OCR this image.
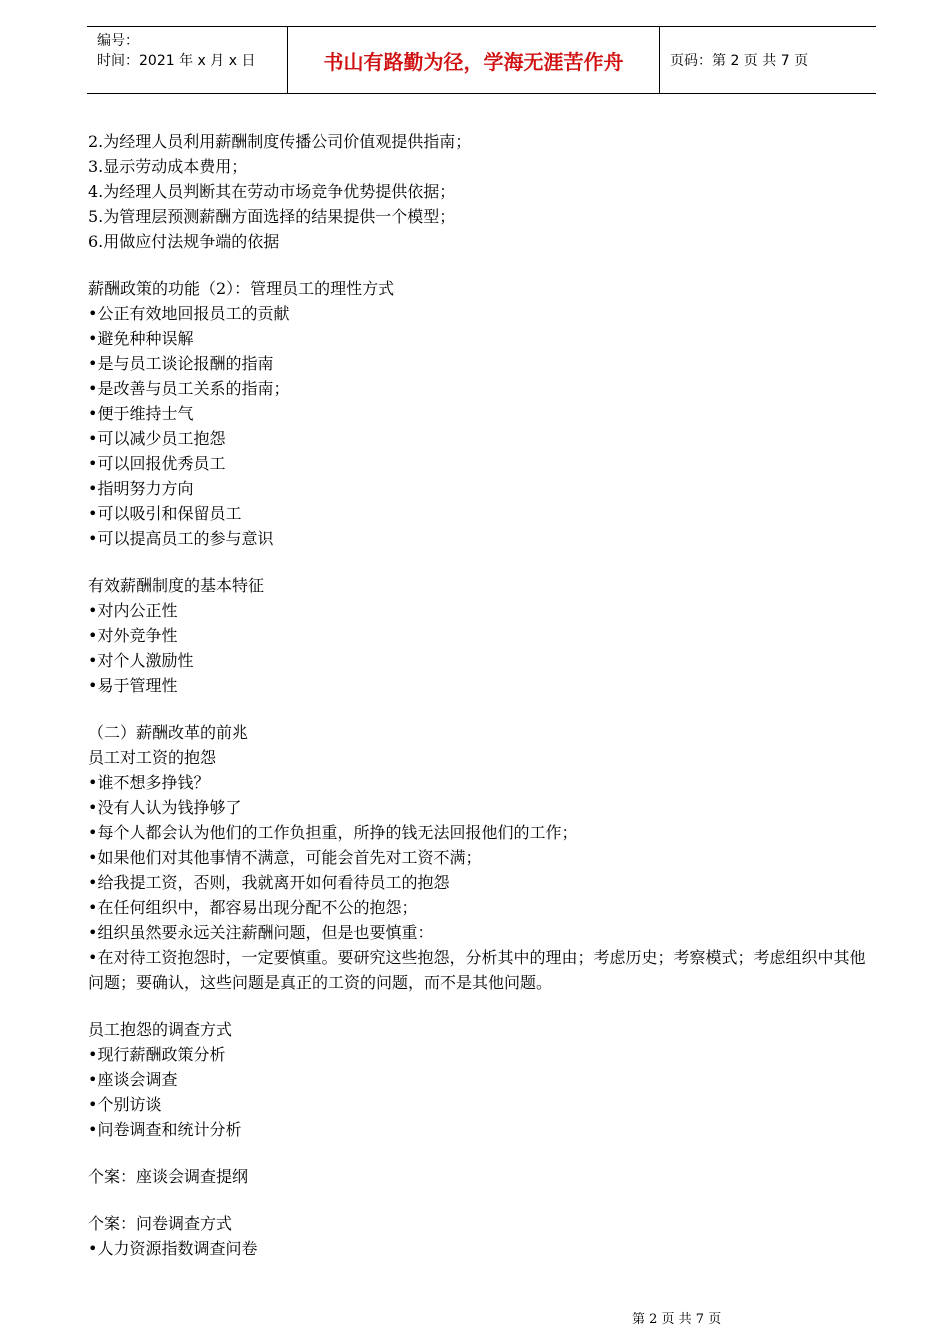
编号：
时间：2021 年 x 月 x 日	书山有路勤为径，学海无涯苦作舟	页码：第 2 页 共 7 页
2.为经理人员利用薪酬制度传播公司价值观提供指南；
3.显示劳动成本费用；
4.为经理人员判断其在劳动市场竞争优势提供依据；
5.为管理层预测薪酬方面选择的结果提供一个模型；
6.用做应付法规争端的依据
薪酬政策的功能（2）：管理员工的理性方式
•公正有效地回报员工的贡献
•避免种种误解
•是与员工谈论报酬的指南
•是改善与员工关系的指南；
•便于维持士气
•可以减少员工抱怨
•可以回报优秀员工
•指明努力方向
•可以吸引和保留员工
•可以提高员工的参与意识
有效薪酬制度的基本特征
•对内公正性
•对外竞争性
•对个人激励性
•易于管理性
（二）薪酬改革的前兆
员工对工资的抱怨
•谁不想多挣钱？
•没有人认为钱挣够了
•每个人都会认为他们的工作负担重，所挣的钱无法回报他们的工作；
•如果他们对其他事情不满意，可能会首先对工资不满；
•给我提工资，否则，我就离开如何看待员工的抱怨
•在任何组织中，都容易出现分配不公的抱怨；
•组织虽然要永远关注薪酬问题，但是也要慎重：
•在对待工资抱怨时，一定要慎重。要研究这些抱怨，分析其中的理由；考虑历史；考察模式；考虑组织中其他问题；要确认，这些问题是真正的工资的问题，而不是其他问题。
员工抱怨的调查方式
•现行薪酬政策分析
•座谈会调查
•个别访谈
•问卷调查和统计分析
个案：座谈会调查提纲
个案：问卷调查方式
•人力资源指数调查问卷
第 2 页 共 7 页
